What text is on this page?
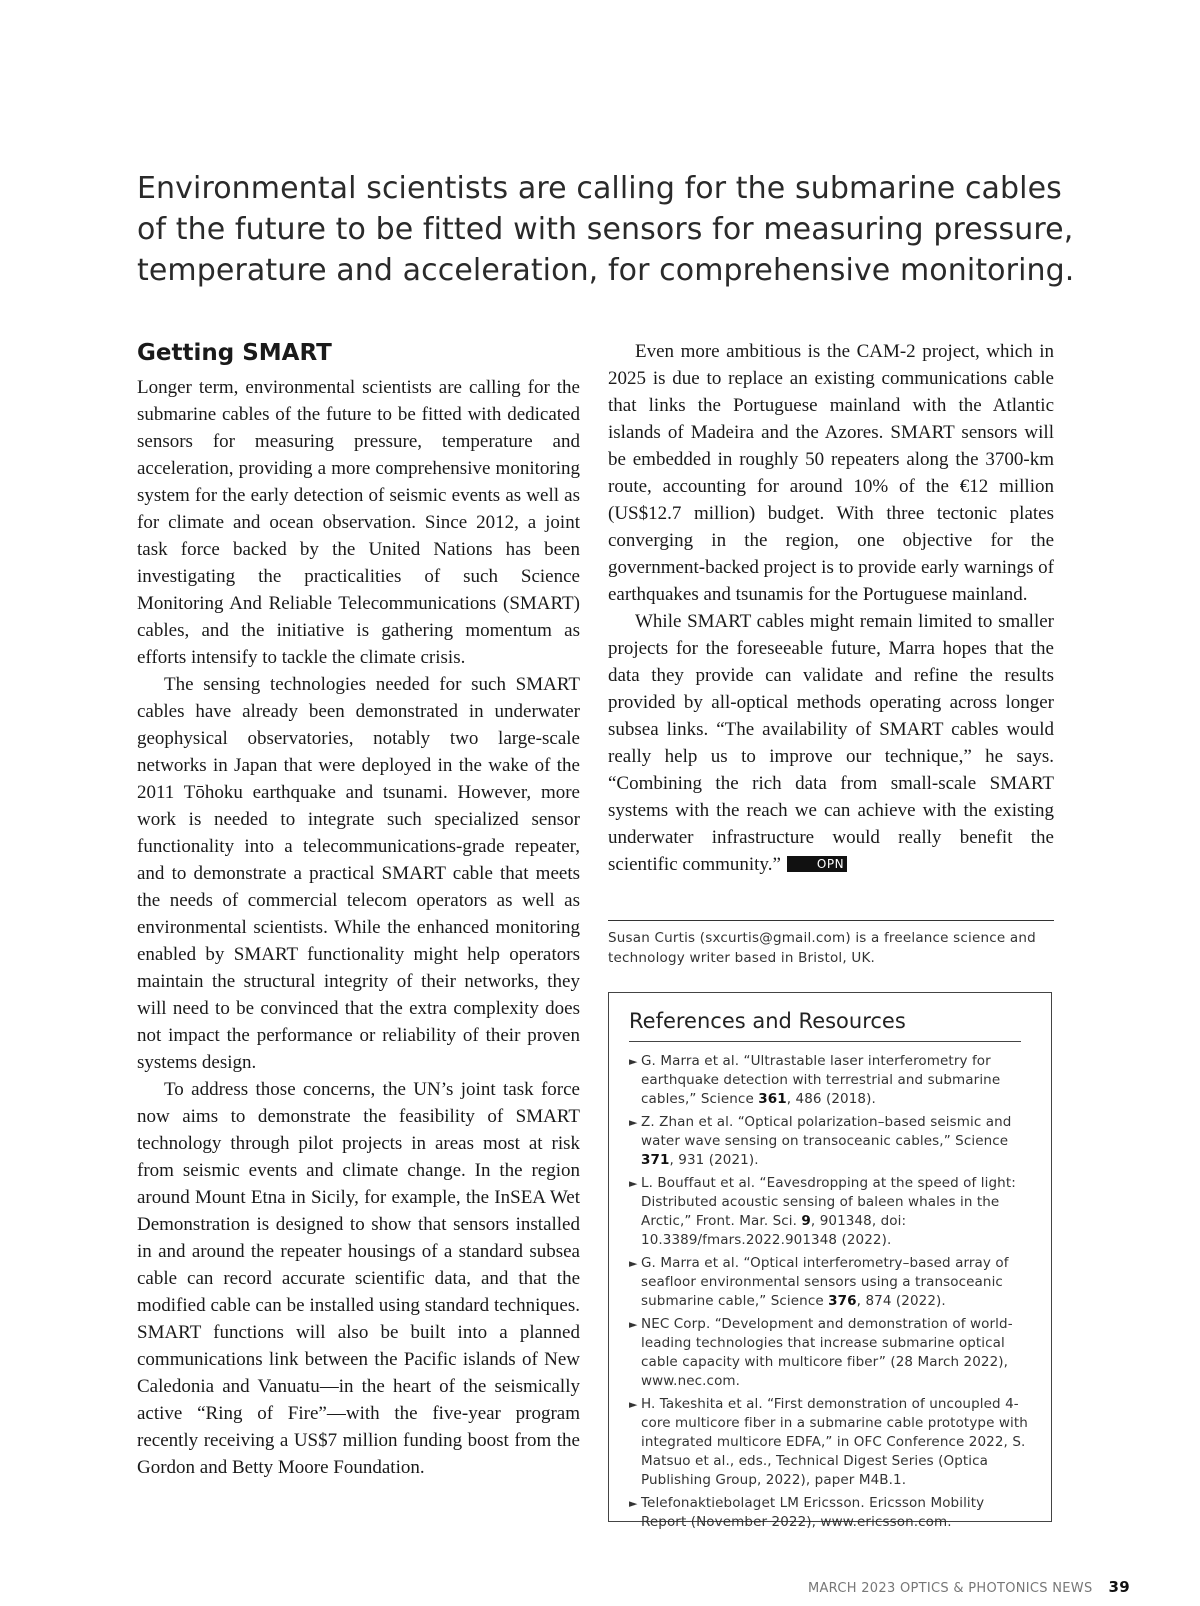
Environmental scientists are calling for the submarine cables of the future to be fitted with sensors for measuring pressure, temperature and acceleration, for comprehensive monitoring.
Getting SMART

Longer term, environmental scientists are calling for the submarine cables of the future to be fitted with dedicated sensors for measuring pressure, temperature and acceleration, providing a more comprehensive monitoring system for the early detection of seismic events as well as for climate and ocean observation. Since 2012, a joint task force backed by the United Nations has been investigating the practicalities of such Science Monitoring And Reliable Telecommunications (SMART) cables, and the initiative is gathering momentum as efforts intensify to tackle the climate crisis.

The sensing technologies needed for such SMART cables have already been demonstrated in underwater geophysical observatories, notably two large-scale networks in Japan that were deployed in the wake of the 2011 Tōhoku earthquake and tsunami. However, more work is needed to integrate such specialized sensor functionality into a telecommunications-grade repeater, and to demonstrate a practical SMART cable that meets the needs of commercial telecom operators as well as environmental scientists. While the enhanced monitoring enabled by SMART functionality might help operators maintain the structural integrity of their networks, they will need to be convinced that the extra complexity does not impact the performance or reliability of their proven systems design.

To address those concerns, the UN’s joint task force now aims to demonstrate the feasibility of SMART technology through pilot projects in areas most at risk from seismic events and climate change. In the region around Mount Etna in Sicily, for example, the InSEA Wet Demonstration is designed to show that sensors installed in and around the repeater housings of a standard subsea cable can record accurate scientific data, and that the modified cable can be installed using standard techniques. SMART functions will also be built into a planned communications link between the Pacific islands of New Caledonia and Vanuatu—in the heart of the seismically active “Ring of Fire”—with the five-year program recently receiving a US$7 million funding boost from the Gordon and Betty Moore Foundation.

Even more ambitious is the CAM-2 project, which in 2025 is due to replace an existing communications cable that links the Portuguese mainland with the Atlantic islands of Madeira and the Azores. SMART sensors will be embedded in roughly 50 repeaters along the 3700-km route, accounting for around 10% of the €12 million (US$12.7 million) budget. With three tectonic plates converging in the region, one objective for the government-backed project is to provide early warnings of earthquakes and tsunamis for the Portuguese mainland.

While SMART cables might remain limited to smaller projects for the foreseeable future, Marra hopes that the data they provide can validate and refine the results provided by all-optical methods operating across longer subsea links. “The availability of SMART cables would really help us to improve our technique,” he says. “Combining the rich data from small-scale SMART systems with the reach we can achieve with the existing underwater infrastructure would really benefit the scientific community.”	OPN

Susan Curtis (sxcurtis@gmail.com) is a freelance science and technology writer based in Bristol, UK.
References and Resources
► G. Marra et al. “Ultrastable laser interferometry for earthquake detection with terrestrial and submarine cables,” Science 361, 486 (2018).
► Z. Zhan et al. “Optical polarization–based seismic and water wave sensing on transoceanic cables,” Science 371, 931 (2021).
► L. Bouffaut et al. “Eavesdropping at the speed of light: Distributed acoustic sensing of baleen whales in the Arctic,” Front. Mar. Sci. 9, 901348, doi: 10.3389/fmars.2022.901348 (2022).
► G. Marra et al. “Optical interferometry–based array of seafloor environmental sensors using a transoceanic submarine cable,” Science 376, 874 (2022).
► NEC Corp. “Development and demonstration of world-leading technologies that increase submarine optical cable capacity with multicore fiber” (28 March 2022), www.nec.com.
► H. Takeshita et al. “First demonstration of uncoupled 4-core multicore fiber in a submarine cable prototype with integrated multicore EDFA,” in OFC Conference 2022, S. Matsuo et al., eds., Technical Digest Series (Optica Publishing Group, 2022), paper M4B.1.
► Telefonaktiebolaget LM Ericsson. Ericsson Mobility Report (November 2022), www.ericsson.com.
MARCH 2023 OPTICS & PHOTONICS NEWS 39
